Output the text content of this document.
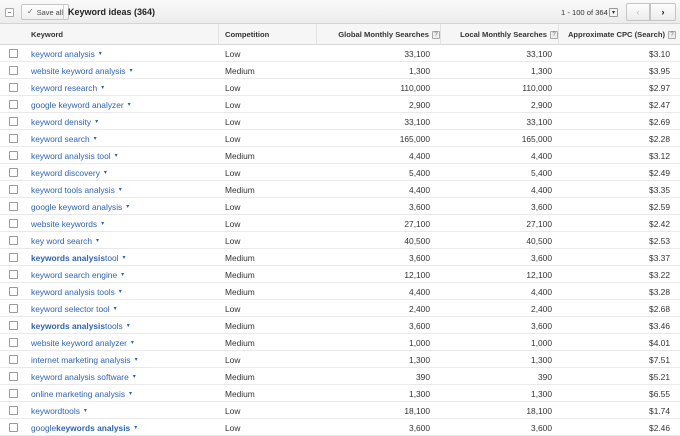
✓ Save all Keyword ideas (364)	1 - 100 of 364 ▾	‹	›
Keyword	Competition	Global Monthly Searches ?	Local Monthly Searches ?	Approximate CPC (Search) ?
keyword analysis ▾	Low	33,100	33,100	$3.10
website keyword analysis ▾	Medium	1,300	1,300	$3.95
keyword research ▾	Low	110,000	110,000	$2.97
google keyword analyzer ▾	Low	2,900	2,900	$2.47
keyword density ▾	Low	33,100	33,100	$2.69
keyword search ▾	Low	165,000	165,000	$2.28
keyword analysis tool ▾	Medium	4,400	4,400	$3.12
keyword discovery ▾	Low	5,400	5,400	$2.49
keyword tools analysis ▾	Medium	4,400	4,400	$3.35
google keyword analysis ▾	Low	3,600	3,600	$2.59
website keywords ▾	Low	27,100	27,100	$2.42
key word search ▾	Low	40,500	40,500	$2.53
keywords analysis tool ▾	Medium	3,600	3,600	$3.37
keyword search engine ▾	Medium	12,100	12,100	$3.22
keyword analysis tools ▾	Medium	4,400	4,400	$3.28
keyword selector tool ▾	Low	2,400	2,400	$2.68
keywords analysis tools ▾	Medium	3,600	3,600	$3.46
website keyword analyzer ▾	Medium	1,000	1,000	$4.01
internet marketing analysis ▾	Low	1,300	1,300	$7.51
keyword analysis software ▾	Medium	390	390	$5.21
online marketing analysis ▾	Medium	1,300	1,300	$6.55
keywordtools ▾	Low	18,100	18,100	$1.74
google keywords analysis ▾	Low	3,600	3,600	$2.46
